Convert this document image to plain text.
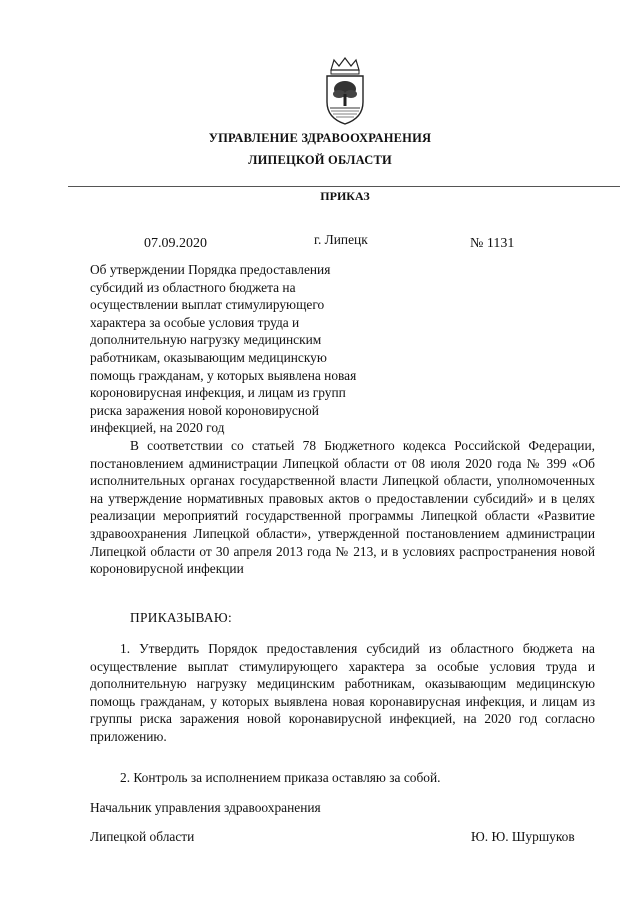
УПРАВЛЕНИЕ ЗДРАВООХРАНЕНИЯ
ЛИПЕЦКОЙ ОБЛАСТИ
ПРИКАЗ
07.09.2020	г. Липецк	№ 1131
Об утверждении Порядка предоставления
субсидий из областного бюджета на
осуществлении выплат стимулирующего
характера за особые условия труда и
дополнительную нагрузку медицинским
работникам, оказывающим медицинскую
помощь гражданам, у которых выявлена новая
короновирусная инфекция, и лицам из групп
риска заражения новой короновирусной
инфекцией, на 2020 год
В соответствии со статьей 78 Бюджетного кодекса Российской Федерации, постановлением администрации Липецкой области от 08 июля 2020 года № 399 «Об исполнительных органах государственной власти Липецкой области, уполномоченных на утверждение нормативных правовых актов о предоставлении субсидий» и в целях реализации мероприятий государственной программы Липецкой области «Развитие здравоохранения Липецкой области», утвержденной постановлением администрации Липецкой области от 30 апреля 2013 года № 213, и в условиях распространения новой короновирусной инфекции
ПРИКАЗЫВАЮ:
1. Утвердить Порядок предоставления субсидий из областного бюджета на осуществление выплат стимулирующего характера за особые условия труда и дополнительную нагрузку медицинским работникам, оказывающим медицинскую помощь гражданам, у которых выявлена новая коронавирусная инфекция, и лицам из группы риска заражения новой коронавирусной инфекцией, на 2020 год согласно приложению.
2. Контроль за исполнением приказа оставляю за собой.
Начальник управления здравоохранения
Липецкой области	Ю. Ю. Шуршуков
